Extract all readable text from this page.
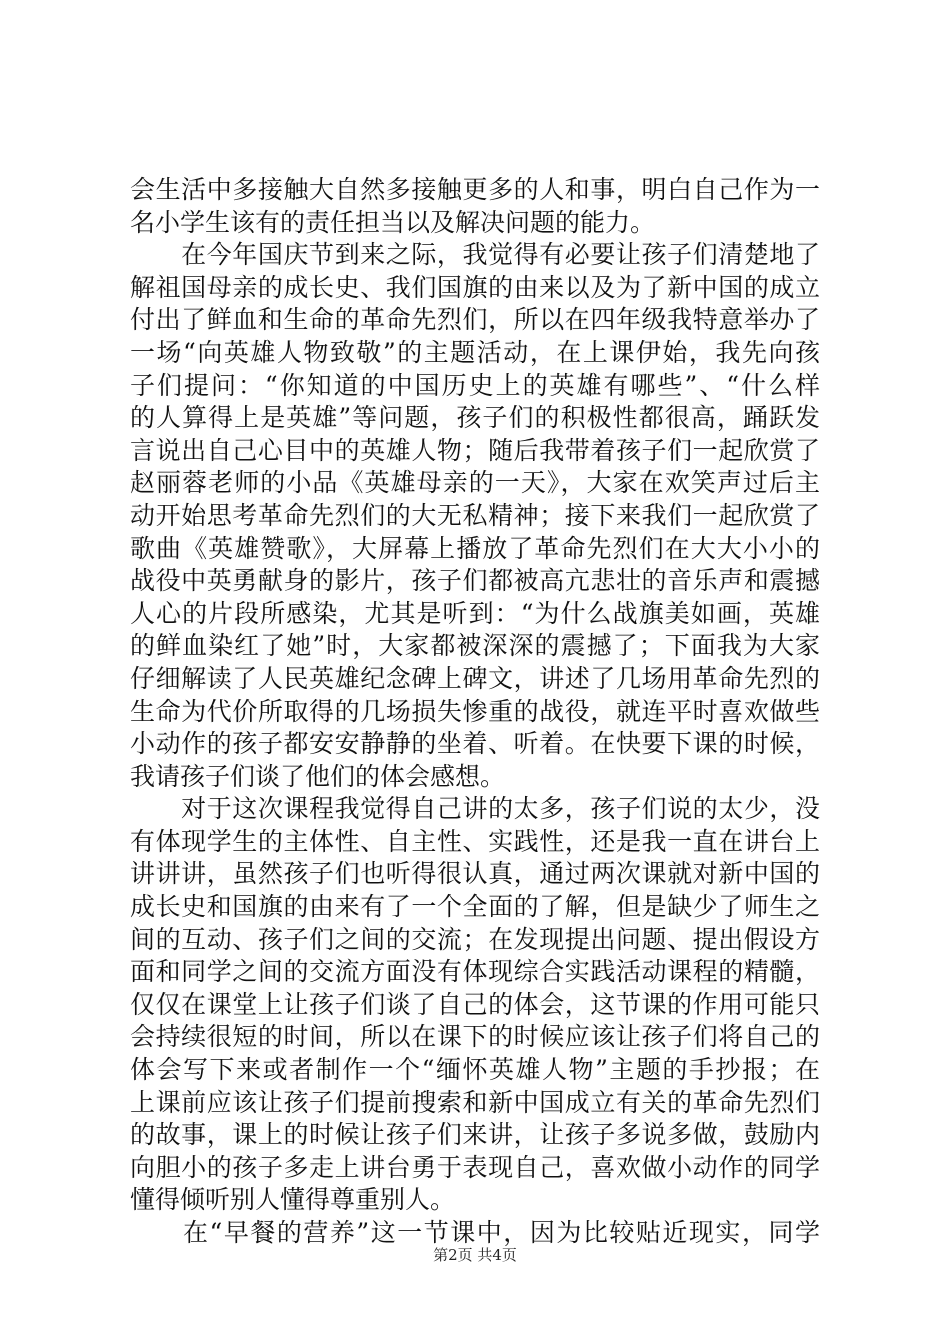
会生活中多接触大自然多接触更多的人和事，明白自己作为一
名小学生该有的责任担当以及解决问题的能力。
　　在今年国庆节到来之际，我觉得有必要让孩子们清楚地了
解祖国母亲的成长史、我们国旗的由来以及为了新中国的成立
付出了鲜血和生命的革命先烈们，所以在四年级我特意举办了
一场“向英雄人物致敬”的主题活动，在上课伊始，我先向孩
子们提问：“你知道的中国历史上的英雄有哪些”、“什么样
的人算得上是英雄”等问题，孩子们的积极性都很高，踊跃发
言说出自己心目中的英雄人物；随后我带着孩子们一起欣赏了
赵丽蓉老师的小品《英雄母亲的一天》，大家在欢笑声过后主
动开始思考革命先烈们的大无私精神；接下来我们一起欣赏了
歌曲《英雄赞歌》，大屏幕上播放了革命先烈们在大大小小的
战役中英勇献身的影片，孩子们都被高亢悲壮的音乐声和震撼
人心的片段所感染，尤其是听到：“为什么战旗美如画，英雄
的鲜血染红了她”时，大家都被深深的震撼了；下面我为大家
仔细解读了人民英雄纪念碑上碑文，讲述了几场用革命先烈的
生命为代价所取得的几场损失惨重的战役，就连平时喜欢做些
小动作的孩子都安安静静的坐着、听着。在快要下课的时候，
我请孩子们谈了他们的体会感想。
　　对于这次课程我觉得自己讲的太多，孩子们说的太少，没
有体现学生的主体性、自主性、实践性，还是我一直在讲台上
讲讲讲，虽然孩子们也听得很认真，通过两次课就对新中国的
成长史和国旗的由来有了一个全面的了解，但是缺少了师生之
间的互动、孩子们之间的交流；在发现提出问题、提出假设方
面和同学之间的交流方面没有体现综合实践活动课程的精髓，
仅仅在课堂上让孩子们谈了自己的体会，这节课的作用可能只
会持续很短的时间，所以在课下的时候应该让孩子们将自己的
体会写下来或者制作一个“缅怀英雄人物”主题的手抄报；在
上课前应该让孩子们提前搜索和新中国成立有关的革命先烈们
的故事，课上的时候让孩子们来讲，让孩子多说多做，鼓励内
向胆小的孩子多走上讲台勇于表现自己，喜欢做小动作的同学
懂得倾听别人懂得尊重别人。
　　在“早餐的营养”这一节课中，因为比较贴近现实，同学
第2页 共4页
